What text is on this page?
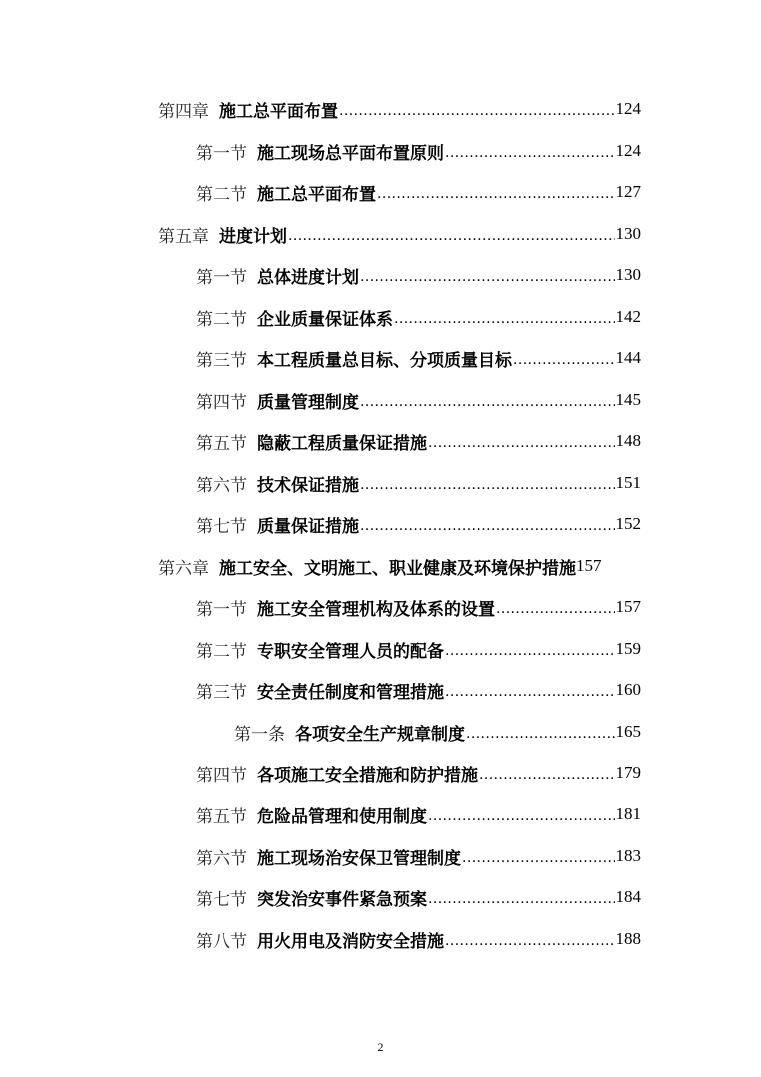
第四章 施工总平面布置 .....	124
第一节 施工现场总平面布置原则 .....	124
第二节 施工总平面布置 .....	127
第五章 进度计划 .....	130
第一节 总体进度计划 .....	130
第二节 企业质量保证体系 .....	142
第三节 本工程质量总目标、分项质量目标 .....	144
第四节 质量管理制度 .....	145
第五节 隐蔽工程质量保证措施 .....	148
第六节 技术保证措施 .....	151
第七节 质量保证措施 .....	152
第六章 施工安全、文明施工、职业健康及环境保护措施 157
第一节 施工安全管理机构及体系的设置 .....	157
第二节 专职安全管理人员的配备 .....	159
第三节 安全责任制度和管理措施 .....	160
第一条 各项安全生产规章制度 .....	165
第四节 各项施工安全措施和防护措施 .....	179
第五节 危险品管理和使用制度 .....	181
第六节 施工现场治安保卫管理制度 .....	183
第七节 突发治安事件紧急预案 .....	184
第八节 用火用电及消防安全措施 .....	188
2
